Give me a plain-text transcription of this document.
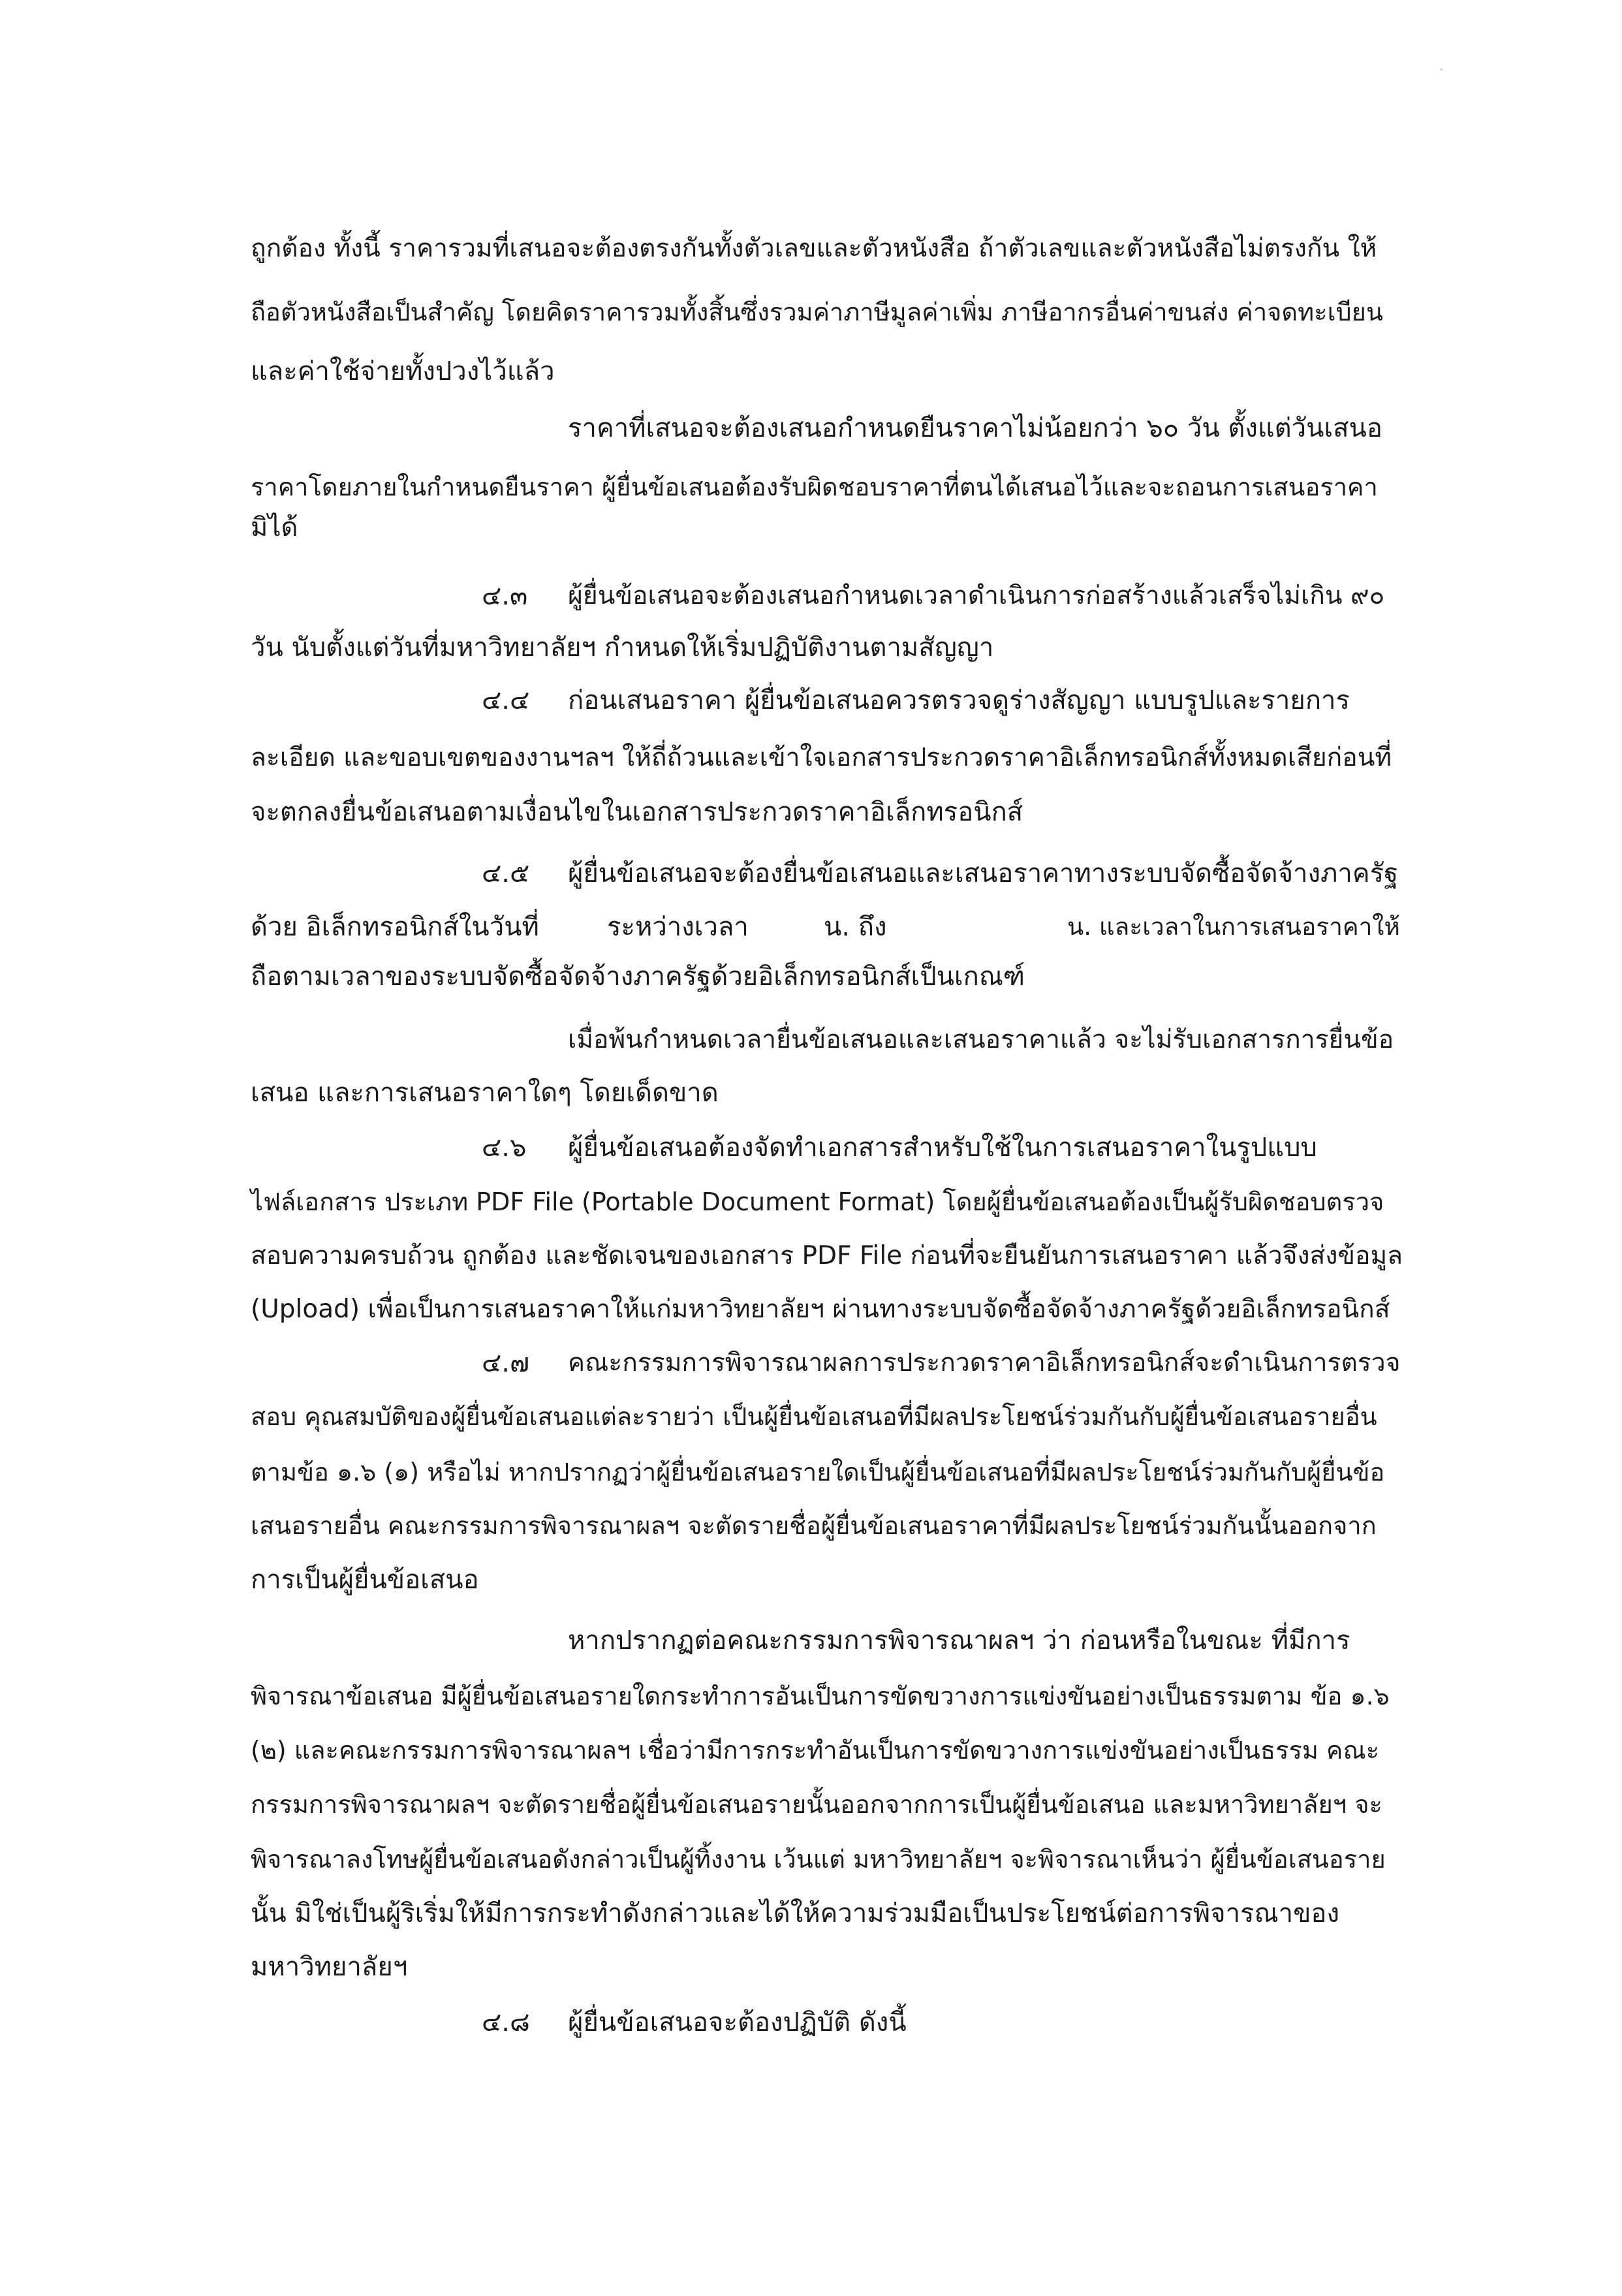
ถูกต้อง ทั้งนี้ ราคารวมที่เสนอจะต้องตรงกันทั้งตัวเลขและตัวหนังสือ ถ้าตัวเลขและตัวหนังสือไม่ตรงกัน ให้
ถือตัวหนังสือเป็นสำคัญ โดยคิดราคารวมทั้งสิ้นซึ่งรวมค่าภาษีมูลค่าเพิ่ม ภาษีอากรอื่นค่าขนส่ง ค่าจดทะเบียน
และค่าใช้จ่ายทั้งปวงไว้แล้ว
ราคาที่เสนอจะต้องเสนอกำหนดยืนราคาไม่น้อยกว่า ๖๐ วัน ตั้งแต่วันเสนอ
ราคาโดยภายในกำหนดยืนราคา ผู้ยื่นข้อเสนอต้องรับผิดชอบราคาที่ตนได้เสนอไว้และจะถอนการเสนอราคา
มิได้
๔.๓ ผู้ยื่นข้อเสนอจะต้องเสนอกำหนดเวลาดำเนินการก่อสร้างแล้วเสร็จไม่เกิน ๙๐
วัน นับตั้งแต่วันที่มหาวิทยาลัยฯ กำหนดให้เริ่มปฏิบัติงานตามสัญญา
๔.๔ ก่อนเสนอราคา ผู้ยื่นข้อเสนอควรตรวจดูร่างสัญญา แบบรูปและรายการ
ละเอียด และขอบเขตของงานฯลฯ ให้ถี่ถ้วนและเข้าใจเอกสารประกวดราคาอิเล็กทรอนิกส์ทั้งหมดเสียก่อนที่
จะตกลงยื่นข้อเสนอตามเงื่อนไขในเอกสารประกวดราคาอิเล็กทรอนิกส์
๔.๕ ผู้ยื่นข้อเสนอจะต้องยื่นข้อเสนอและเสนอราคาทางระบบจัดซื้อจัดจ้างภาครัฐ
ด้วย อิเล็กทรอนิกส์ในวันที่	ระหว่างเวลา	น. ถึง	น. และเวลาในการเสนอราคาให้
ถือตามเวลาของระบบจัดซื้อจัดจ้างภาครัฐด้วยอิเล็กทรอนิกส์เป็นเกณฑ์
เมื่อพ้นกำหนดเวลายื่นข้อเสนอและเสนอราคาแล้ว จะไม่รับเอกสารการยื่นข้อ
เสนอ และการเสนอราคาใดๆ โดยเด็ดขาด
๔.๖ ผู้ยื่นข้อเสนอต้องจัดทำเอกสารสำหรับใช้ในการเสนอราคาในรูปแบบ
ไฟล์เอกสาร ประเภท PDF File (Portable Document Format) โดยผู้ยื่นข้อเสนอต้องเป็นผู้รับผิดชอบตรวจ
สอบความครบถ้วน ถูกต้อง และชัดเจนของเอกสาร PDF File ก่อนที่จะยืนยันการเสนอราคา แล้วจึงส่งข้อมูล
(Upload) เพื่อเป็นการเสนอราคาให้แก่มหาวิทยาลัยฯ ผ่านทางระบบจัดซื้อจัดจ้างภาครัฐด้วยอิเล็กทรอนิกส์
๔.๗ คณะกรรมการพิจารณาผลการประกวดราคาอิเล็กทรอนิกส์จะดำเนินการตรวจ
สอบ คุณสมบัติของผู้ยื่นข้อเสนอแต่ละรายว่า เป็นผู้ยื่นข้อเสนอที่มีผลประโยชน์ร่วมกันกับผู้ยื่นข้อเสนอรายอื่น
ตามข้อ ๑.๖ (๑) หรือไม่ หากปรากฏว่าผู้ยื่นข้อเสนอรายใดเป็นผู้ยื่นข้อเสนอที่มีผลประโยชน์ร่วมกันกับผู้ยื่นข้อ
เสนอรายอื่น คณะกรรมการพิจารณาผลฯ จะตัดรายชื่อผู้ยื่นข้อเสนอราคาที่มีผลประโยชน์ร่วมกันนั้นออกจาก
การเป็นผู้ยื่นข้อเสนอ
หากปรากฏต่อคณะกรรมการพิจารณาผลฯ ว่า ก่อนหรือในขณะ ที่มีการ
พิจารณาข้อเสนอ มีผู้ยื่นข้อเสนอรายใดกระทำการอันเป็นการขัดขวางการแข่งขันอย่างเป็นธรรมตาม ข้อ ๑.๖
(๒) และคณะกรรมการพิจารณาผลฯ เชื่อว่ามีการกระทำอันเป็นการขัดขวางการแข่งขันอย่างเป็นธรรม คณะ
กรรมการพิจารณาผลฯ จะตัดรายชื่อผู้ยื่นข้อเสนอรายนั้นออกจากการเป็นผู้ยื่นข้อเสนอ และมหาวิทยาลัยฯ จะ
พิจารณาลงโทษผู้ยื่นข้อเสนอดังกล่าวเป็นผู้ทิ้งงาน เว้นแต่ มหาวิทยาลัยฯ จะพิจารณาเห็นว่า ผู้ยื่นข้อเสนอราย
นั้น มิใช่เป็นผู้ริเริ่มให้มีการกระทำดังกล่าวและได้ให้ความร่วมมือเป็นประโยชน์ต่อการพิจารณาของ
มหาวิทยาลัยฯ
๔.๘ ผู้ยื่นข้อเสนอจะต้องปฏิบัติ ดังนี้
